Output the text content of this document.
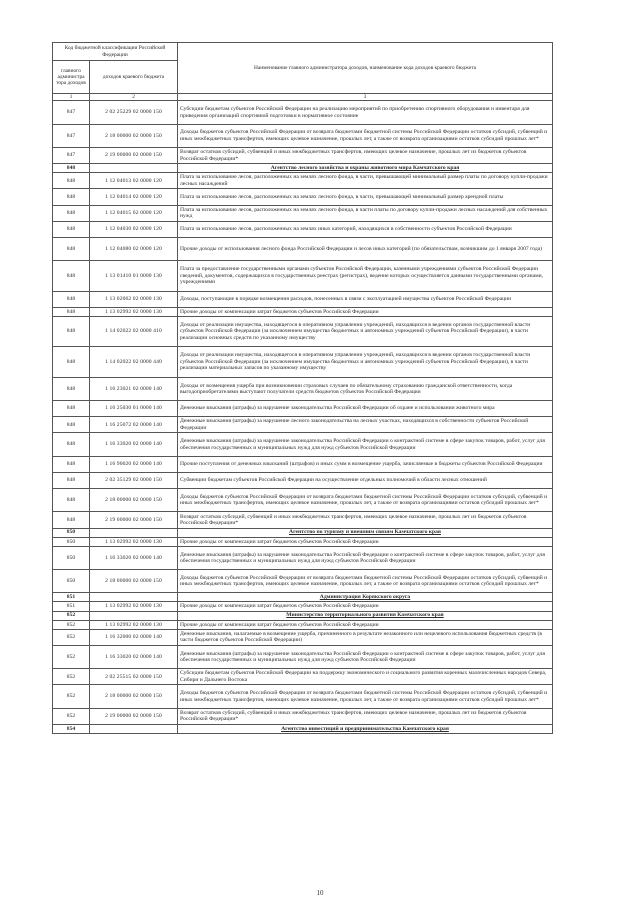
Код бюджетной классификации Российской Федерации		Наименование главного администратора доходов, наименование кода доходов краевого бюджета
главного администра тора доходов	доходов краевого бюджета	
1	2	3
847	2 02 25229 02 0000 150	Субсидии бюджетам субъектов Российской Федерации на реализацию мероприятий по приобретению спортивного оборудования и инвентаря для приведения организаций спортивной подготовки в нормативное состояние
847	2 18 00000 02 0000 150	Доходы бюджетов субъектов Российской Федерации от возврата бюджетами бюджетной системы Российской Федерации остатков субсидий, субвенций и иных межбюджетных трансфертов, имеющих целевое назначение, прошлых лет, а также от возврата организациями остатков субсидий прошлых лет*
847	2 19 00000 02 0000 150	Возврат остатков субсидий, субвенций и иных межбюджетных трансфертов, имеющих целевое назначение, прошлых лет из бюджетов субъектов Российской Федерации*
848		Агентство лесного хозяйства и охраны животного мира Камчатского края
848	1 12 04013 02 0000 120	Плата за использование лесов, расположенных на землях лесного фонда, в части, превышающей минимальный размер платы по договору купли-продажи лесных насаждений
848	1 12 04014 02 0000 120	Плата за использование лесов, расположенных на землях лесного фонда, в части, превышающей минимальный размер арендной платы
848	1 12 04015 02 0000 120	Плата за использование лесов, расположенных на землях лесного фонда, в части платы по договору купли-продажи лесных насаждений для собственных нужд
848	1 12 04030 02 0000 120	Плата за использование лесов, расположенных на землях иных категорий, находящихся в собственности субъектов Российской Федерации
848	1 12 04080 02 0000 120	Прочие доходы от использования лесного фонда Российской Федерации и лесов иных категорий (по обязательствам, возникшим до 1 января 2007 года)
848	1 13 01410 01 0000 130	Плата за предоставление государственными органами субъектов Российской Федерации, казенными учреждениями субъектов Российской Федерации сведений, документов, содержащихся в государственных реестрах (регистрах), ведение которых осуществляется данными государственными органами, учреждениями
848	1 13 02062 02 0000 130	Доходы, поступающие в порядке возмещения расходов, понесенных в связи с эксплуатацией имущества субъектов Российской Федерации
848	1 13 02992 02 0000 130	Прочие доходы от компенсации затрат бюджетов субъектов Российской Федерации
848	1 14 02022 02 0000 410	Доходы от реализации имущества, находящегося в оперативном управлении учреждений, находящихся в ведении органов государственной власти субъектов Российской Федерации (за исключением имущества бюджетных и автономных учреждений субъектов Российской Федерации), в части реализации основных средств по указанному имуществу
848	1 14 02022 02 0000 440	Доходы от реализации имущества, находящегося в оперативном управлении учреждений, находящихся в ведении органов государственной власти субъектов Российской Федерации (за исключением имущества бюджетных и автономных учреждений субъектов Российской Федерации), в части реализации материальных запасов по указанному имуществу
848	1 16 23021 02 0000 140	Доходы от возмещения ущерба при возникновении страховых случаев по обязательному страхованию гражданской ответственности, когда выгодоприобретателями выступают получатели средств бюджетов субъектов Российской Федерации
848	1 16 25030 01 0000 140	Денежные взыскания (штрафы) за нарушение законодательства Российской Федерации об охране и использовании животного мира
848	1 16 25072 02 0000 140	Денежные взыскания (штрафы) за нарушение лесного законодательства на лесных участках, находящихся в собственности субъектов Российской Федерации
848	1 16 33020 02 0000 140	Денежные взыскания (штрафы) за нарушение законодательства Российской Федерации о контрактной системе в сфере закупок товаров, работ, услуг для обеспечения государственных и муниципальных нужд для нужд субъектов Российской Федерации
848	1 16 90020 02 0000 140	Прочие поступления от денежных взысканий (штрафов) и иных сумм в возмещение ущерба, зачисляемые в бюджеты субъектов Российской Федерации
848	2 02 35129 02 0000 150	Субвенции бюджетам субъектов Российской Федерации на осуществление отдельных полномочий в области лесных отношений
848	2 18 00000 02 0000 150	Доходы бюджетов субъектов Российской Федерации от возврата бюджетами бюджетной системы Российской Федерации остатков субсидий, субвенций и иных межбюджетных трансфертов, имеющих целевое назначение, прошлых лет, а также от возврата организациями остатков субсидий прошлых лет*
848	2 19 00000 02 0000 150	Возврат остатков субсидий, субвенций и иных межбюджетных трансфертов, имеющих целевое назначение, прошлых лет из бюджетов субъектов Российской Федерации*
850		Агентство по туризму и внешним связям Камчатского края
850	1 13 02992 02 0000 130	Прочие доходы от компенсации затрат бюджетов субъектов Российской Федерации
850	1 16 33020 02 0000 140	Денежные взыскания (штрафы) за нарушение законодательства Российской Федерации о контрактной системе в сфере закупок товаров, работ, услуг для обеспечения государственных и муниципальных нужд для нужд субъектов Российской Федерации
850	2 18 00000 02 0000 150	Доходы бюджетов субъектов Российской Федерации от возврата бюджетами бюджетной системы Российской Федерации остатков субсидий, субвенций и иных межбюджетных трансфертов, имеющих целевое назначение, прошлых лет, а также от возврата организациями остатков субсидий прошлых лет*
851		Администрация Корякского округа
851	1 13 02992 02 0000 130	Прочие доходы от компенсации затрат бюджетов субъектов Российской Федерации
852		Министерство территориального развития Камчатского края
852	1 13 02992 02 0000 130	Прочие доходы от компенсации затрат бюджетов субъектов Российской Федерации
852	1 16 32000 02 0000 140	Денежные взыскания, налагаемые в возмещение ущерба, причиненного в результате незаконного или нецелевого использования бюджетных средств (в части бюджетов субъектов Российской Федерации)
852	1 16 33020 02 0000 140	Денежные взыскания (штрафы) за нарушение законодательства Российской Федерации о контрактной системе в сфере закупок товаров, работ, услуг для обеспечения государственных и муниципальных нужд для нужд субъектов Российской Федерации
852	2 02 25515 02 0000 150	Субсидии бюджетам субъектов Российской Федерации на поддержку экономического и социального развития коренных малочисленных народов Севера, Сибири и Дальнего Востока
852	2 18 00000 02 0000 150	Доходы бюджетов субъектов Российской Федерации от возврата бюджетами бюджетной системы Российской Федерации остатков субсидий, субвенций и иных межбюджетных трансфертов, имеющих целевое назначение, прошлых лет, а также от возврата организациями остатков субсидий прошлых лет*
852	2 19 00000 02 0000 150	Возврат остатков субсидий, субвенций и иных межбюджетных трансфертов, имеющих целевое назначение, прошлых лет из бюджетов субъектов Российской Федерации*
854		Агентство инвестиций и предпринимательства Камчатского края
10
